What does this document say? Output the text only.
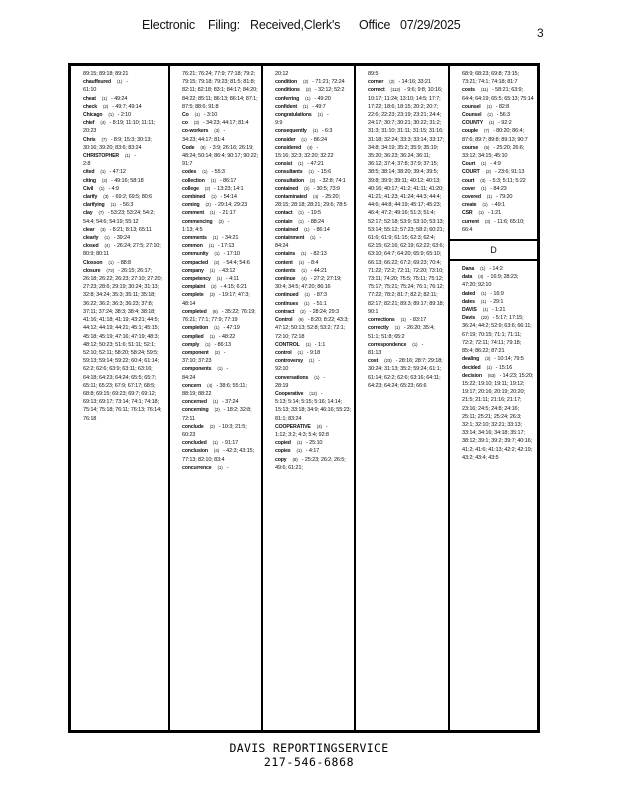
Electronic Filing: Received,Clerk's Office 07/29/2025
3
89:15; 89:18; 89:21
chauffeured (1) -
61:10
cheat (1) - 49:24
check (2) - 49:7; 49:14
Chicago (1) - 2:10
chief (4) - 8:19; 11:10; 11:11; 20:23
Chris (7) - 8:9; 15:3; 30:13; 30:16; 39:20; 83:6; 83:24
CHRISTOPHER (1) -
2:8
cited (1) - 47:12
citing (2) - 49:16; 58:18
Civil (1) - 4:9
clarify (3) - 69:2; 69:5; 80:6
clarifying (1) - 56:3
clay (7) - 53:23; 53:24; 54:2; 54:4; 54:6; 54:19; 55:12
clear (3) - 8:21; 8:13; 65:11
clearly (1) - 39:24
closed (4) - 26:24; 27:5; 27:10; 80:9; 80:11
Closson (1) - 88:8
closure (72) - 26:15; 26:17; 26:18; 26:22; 26:23; 27:10; 27:20; 27:23; 28:6; 29:19; 30:24; 31:13; 32:8; 34:24; 35:3; 35:11; 35:18; 36:22; 36:2; 36:3; 36:23; 37:8; 37:11; 37:24; 38:3; 38:4; 38:18; 41:16; 41:18; 41:19; 43:21; 44:5; 44:12; 44:19; 44:21; 45:1; 45:15; 45:18; 45:19; 47:16; 47:19; 48:3; 48:12; 50:23; 51:6; 51:11; 52:1; 52:10; 52:11; 58:20; 58:24; 59:5; 59:13; 59:14; 59:22; 60:4; 61:14; 62:2; 62:6; 63:9; 63:11; 63:16; 64:18; 64:23; 64:24; 65:5; 65:7; 65:11; 65:23; 67:9; 67:17; 68:5; 68:8; 69:15; 69:23; 69:7; 69:12; 69:13; 69:17; 73:14; 74:1; 74:18; 75:14; 75:18; 76:11; 76:13; 76:14; 76:18
76:21; 76:24; 77:9; 77:18; 79:2; 79:15; 79:18; 79:23; 81:5; 81:8; 82:11; 82:18; 83:1; 84:17; 84:20; 84:22; 85:11; 86:13; 86:14; 87:1; 87:5; 88:6; 91:8
Co (1) - 3:10
co (3) - 34:23; 44:17; 81:4
co-workers (3) -
34:23; 44:17; 81:4
Code (8) - 3:9; 26:16; 26:19; 48:24; 50:14; 86:4; 90:17; 90:22; 91:7
codes (1) - 55:3
collection (1) - 86:17
college (2) - 13:23; 14:1
combined (1) - 54:14
coming (2) - 29:14; 29:23
comment (1) - 21:17
commencing (2) -
1:13; 4:5
comments (1) - 34:21
common (1) - 17:13
community (1) - 17:10
compacted (2) - 54:4; 54:6
company (1) - 43:12
competency (1) - 4:11
complaint (2) - 4:15; 6:21
complete (3) - 19:17; 47:3; 48:14
completed (6) - 35:22; 76:19; 76:21; 77:1; 77:9; 77:19
completion (1) - 47:19
complied (1) - 48:22
comply (1) - 86:13
component (2) -
37:10; 37:23
components (1) -
84:24
concern (4) - 38:6; 55:11; 88:19; 88:22
concerned (1) - 37:24
concerning (2) - 18:2; 32:8; 72:11
conclude (2) - 10:3; 21:5; 60:23
concluded (1) - 91:17
conclusion (4) - 42:3; 43:15; 77:13; 82:10; 83:4
concurrence (1) -
20:12
condition (2) - 71:21; 72:24
conditions (2) - 32:12; 52:2
conferring (1) - 49:20
confident (1) - 49:7
congratulations (1) -
9:9
consequently (1) - 6:3
consider (1) - 86:24
considered (4) -
15:16; 32:3; 32:20; 32:22
consist (1) - 47:21
consultants (1) - 15:6
consultation (2) - 32:8; 74:1
contained (2) - 30:5; 73:9
contaminated (4) - 25:20; 28:15; 28:18; 28:21; 29:6; 78:5
contact (1) - 19:5
contain (1) - 88:24
contained (1) - 86:14
containment (1) -
84:24
contains (1) - 82:13
content (1) - 8:4
contents (1) - 44:21
continue (4) - 27:2; 27:19; 30:4; 34:5; 47:20; 86:16
continued (1) - 87:3
continues (1) - 51:1
contract (2) - 28:24; 29:3
Control (9) - 8:20; 8:22; 43:3; 47:12; 50:13; 52:8; 53:2; 72:1; 72:10; 72:18
CONTROL (1) - 1:1
control (1) - 9:18
controversy (1) -
92:10
conversations (1) -
28:19
Cooperative (12) -
5:13; 5:14; 5:15; 5:16; 14:14; 15:13; 33:18; 34:9; 46:16; 55:23; 81:1; 83:24
COOPERATIVE (4) -
1:12; 3:2; 4:3; 5:4; 92:8
copied (1) - 25:10
copies (1) - 4:17
copy (8) - 25:23; 26:2; 26:5; 49:6; 61:21;
89:5
corner (2) - 14:16; 33:21
correct (112) - 9:6; 9:8; 10:16; 10:17; 11:24; 13:10; 14:5; 17:7; 17:22; 18:6; 18:15; 20:2; 20:7; 22:6; 22:23; 23:19; 23:21; 24:4; 24:17; 30:7; 30:21; 30:22; 31:2; 31:3; 31:10; 31:11; 31:15; 31:16; 31:18; 32:24; 33:3; 33:14; 33:17; 34:8; 34:19; 35:2; 35:9; 35:19; 35:20; 36:23; 36:24; 36:11; 36:12; 37:4; 37:8; 37:9; 37:15; 38:5; 38:14; 38:20; 39:4; 39:5; 39:8; 39:9; 39:11; 40:12; 40:13; 40:16; 40:17; 41:2; 41:11; 41:20; 41:21; 41:23; 41:24; 44:3; 44:4; 44:6; 44:8; 44:19; 45:17; 45:23; 46:4; 47:2; 49:16; 51:3; 51:4; 52:17; 52:18; 53:9; 53:10; 53:13; 53:14; 55:12; 57:23; 58:2; 60:21; 61:6; 61:9; 61:15; 62:3; 62:4; 62:15; 62:16; 62:19; 62:22; 63:6; 63:10; 64:7; 64:20; 65:9; 65:10; 66:13; 66:22; 67:2; 69:23; 70:4; 71:22; 72:2; 72:11; 72:20; 73:10; 73:11; 74:20; 75:5; 75:11; 75:12; 75:17; 75:21; 75:24; 76:1; 76:12; 77:22; 78:2; 81:7; 82:2; 82:11; 82:17; 82:21; 89:3; 89:17; 89:18; 90:1
corrections (1) - 83:17
correctly (1) - 26:20; 35:4; 51:1; 51:8; 65:2
correspondence (1) -
81:13
cost (23) - 28:16; 28:7; 29:18; 30:24; 31:13; 35:2; 59:24; 61:1; 61:14; 62:2; 62:6; 63:16; 64:11; 64:23; 64:24; 65:23; 66:6
68:9; 68:23; 69:8; 73:15; 73:21; 74:1; 74:18; 81:7
costs (11) - 58:21; 63:9; 64:4; 64:19; 65:5; 65:13; 75:14
counsel (1) - 82:8
Counsel (1) - 56:3
COUNTY (1) - 92:2
couple (7) - 80:20; 86:4; 87:6; 89:7; 89:8; 89:13; 90:7
course (5) - 25:20; 26:6; 33:12; 34:15; 45:10
Court (1) - 4:9
COURT (2) - 23:6; 91:13
court (3) - 5:3; 5:11; 5:22
cover (1) - 84:23
covered (1) - 79:20
create (1) - 49:1
CSR (1) - 1:21
current (3) - 11:6; 65:10; 66:4
D
Dana (1) - 14:2
data (4) - 16:9; 28:23; 47:20; 92:10
dated (1) - 16:9
dates (1) - 29:1
DAVIS (1) - 1:21
Davis (22) - 5:17; 17:15; 36:24; 44:2; 52:9; 63:6; 66:11; 67:19; 70:15; 71:1; 71:11; 72:2; 72:11; 74:11; 79:18; 85:4; 86:22; 87:21
dealing (2) - 10:14; 79:5
decided (1) - 15:16
decision (53) - 14:23; 15:20; 15:22; 19:10; 19:11; 19:12; 19:17; 20:16; 20:19; 20:20; 21:5; 21:11; 21:16; 21:17; 23:16; 24:5; 24:8; 24:16; 25:11; 25:21; 25:24; 26:3; 32:1; 32:10; 32:21; 33:13; 33:14; 34:16; 34:18; 35:17; 38:12; 39:1; 39:2; 39:7; 40:16; 41:2; 41:6; 41:13; 42:2; 42:19; 43:2; 43:4; 43:5
DAVIS REPORTINGSERVICE
217-546-6868
